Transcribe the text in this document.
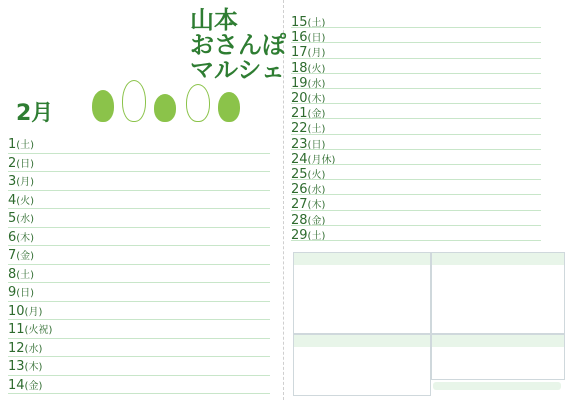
2月
山本
おさんぽ
マルシェ
1(土)
2(日)
3(月)
4(火)
5(水)
6(木)
7(金)
8(土)
9(日)
10(月)
11(火祝)
12(水)
13(木)
14(金)
15(土)
16(日)
17(月)
18(火)
19(水)
20(木)
21(金)
22(土)
23(日)
24(月休)
25(火)
26(水)
27(木)
28(金)
29(土)
